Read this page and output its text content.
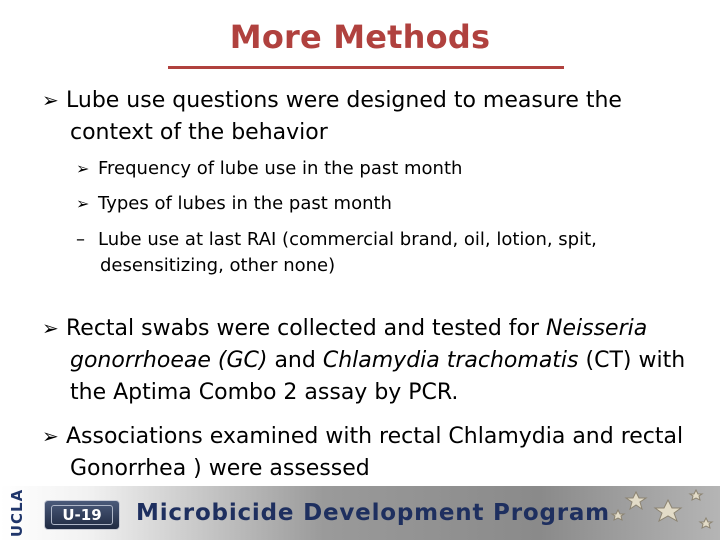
More Methods

➢ Lube use questions were designed to measure the context of the behavior

➢ Frequency of lube use in the past month

➢ Types of lubes in the past month

– Lube use at last RAI (commercial brand, oil, lotion, spit, desensitizing, other none)

➢ Rectal swabs were collected and tested for Neisseria gonorrhoeae (GC) and Chlamydia trachomatis (CT) with the Aptima Combo 2 assay by PCR.

➢ Associations examined with rectal Chlamydia and rectal Gonorrhea ) were assessed

UCLA U-19 Microbicide Development Program
